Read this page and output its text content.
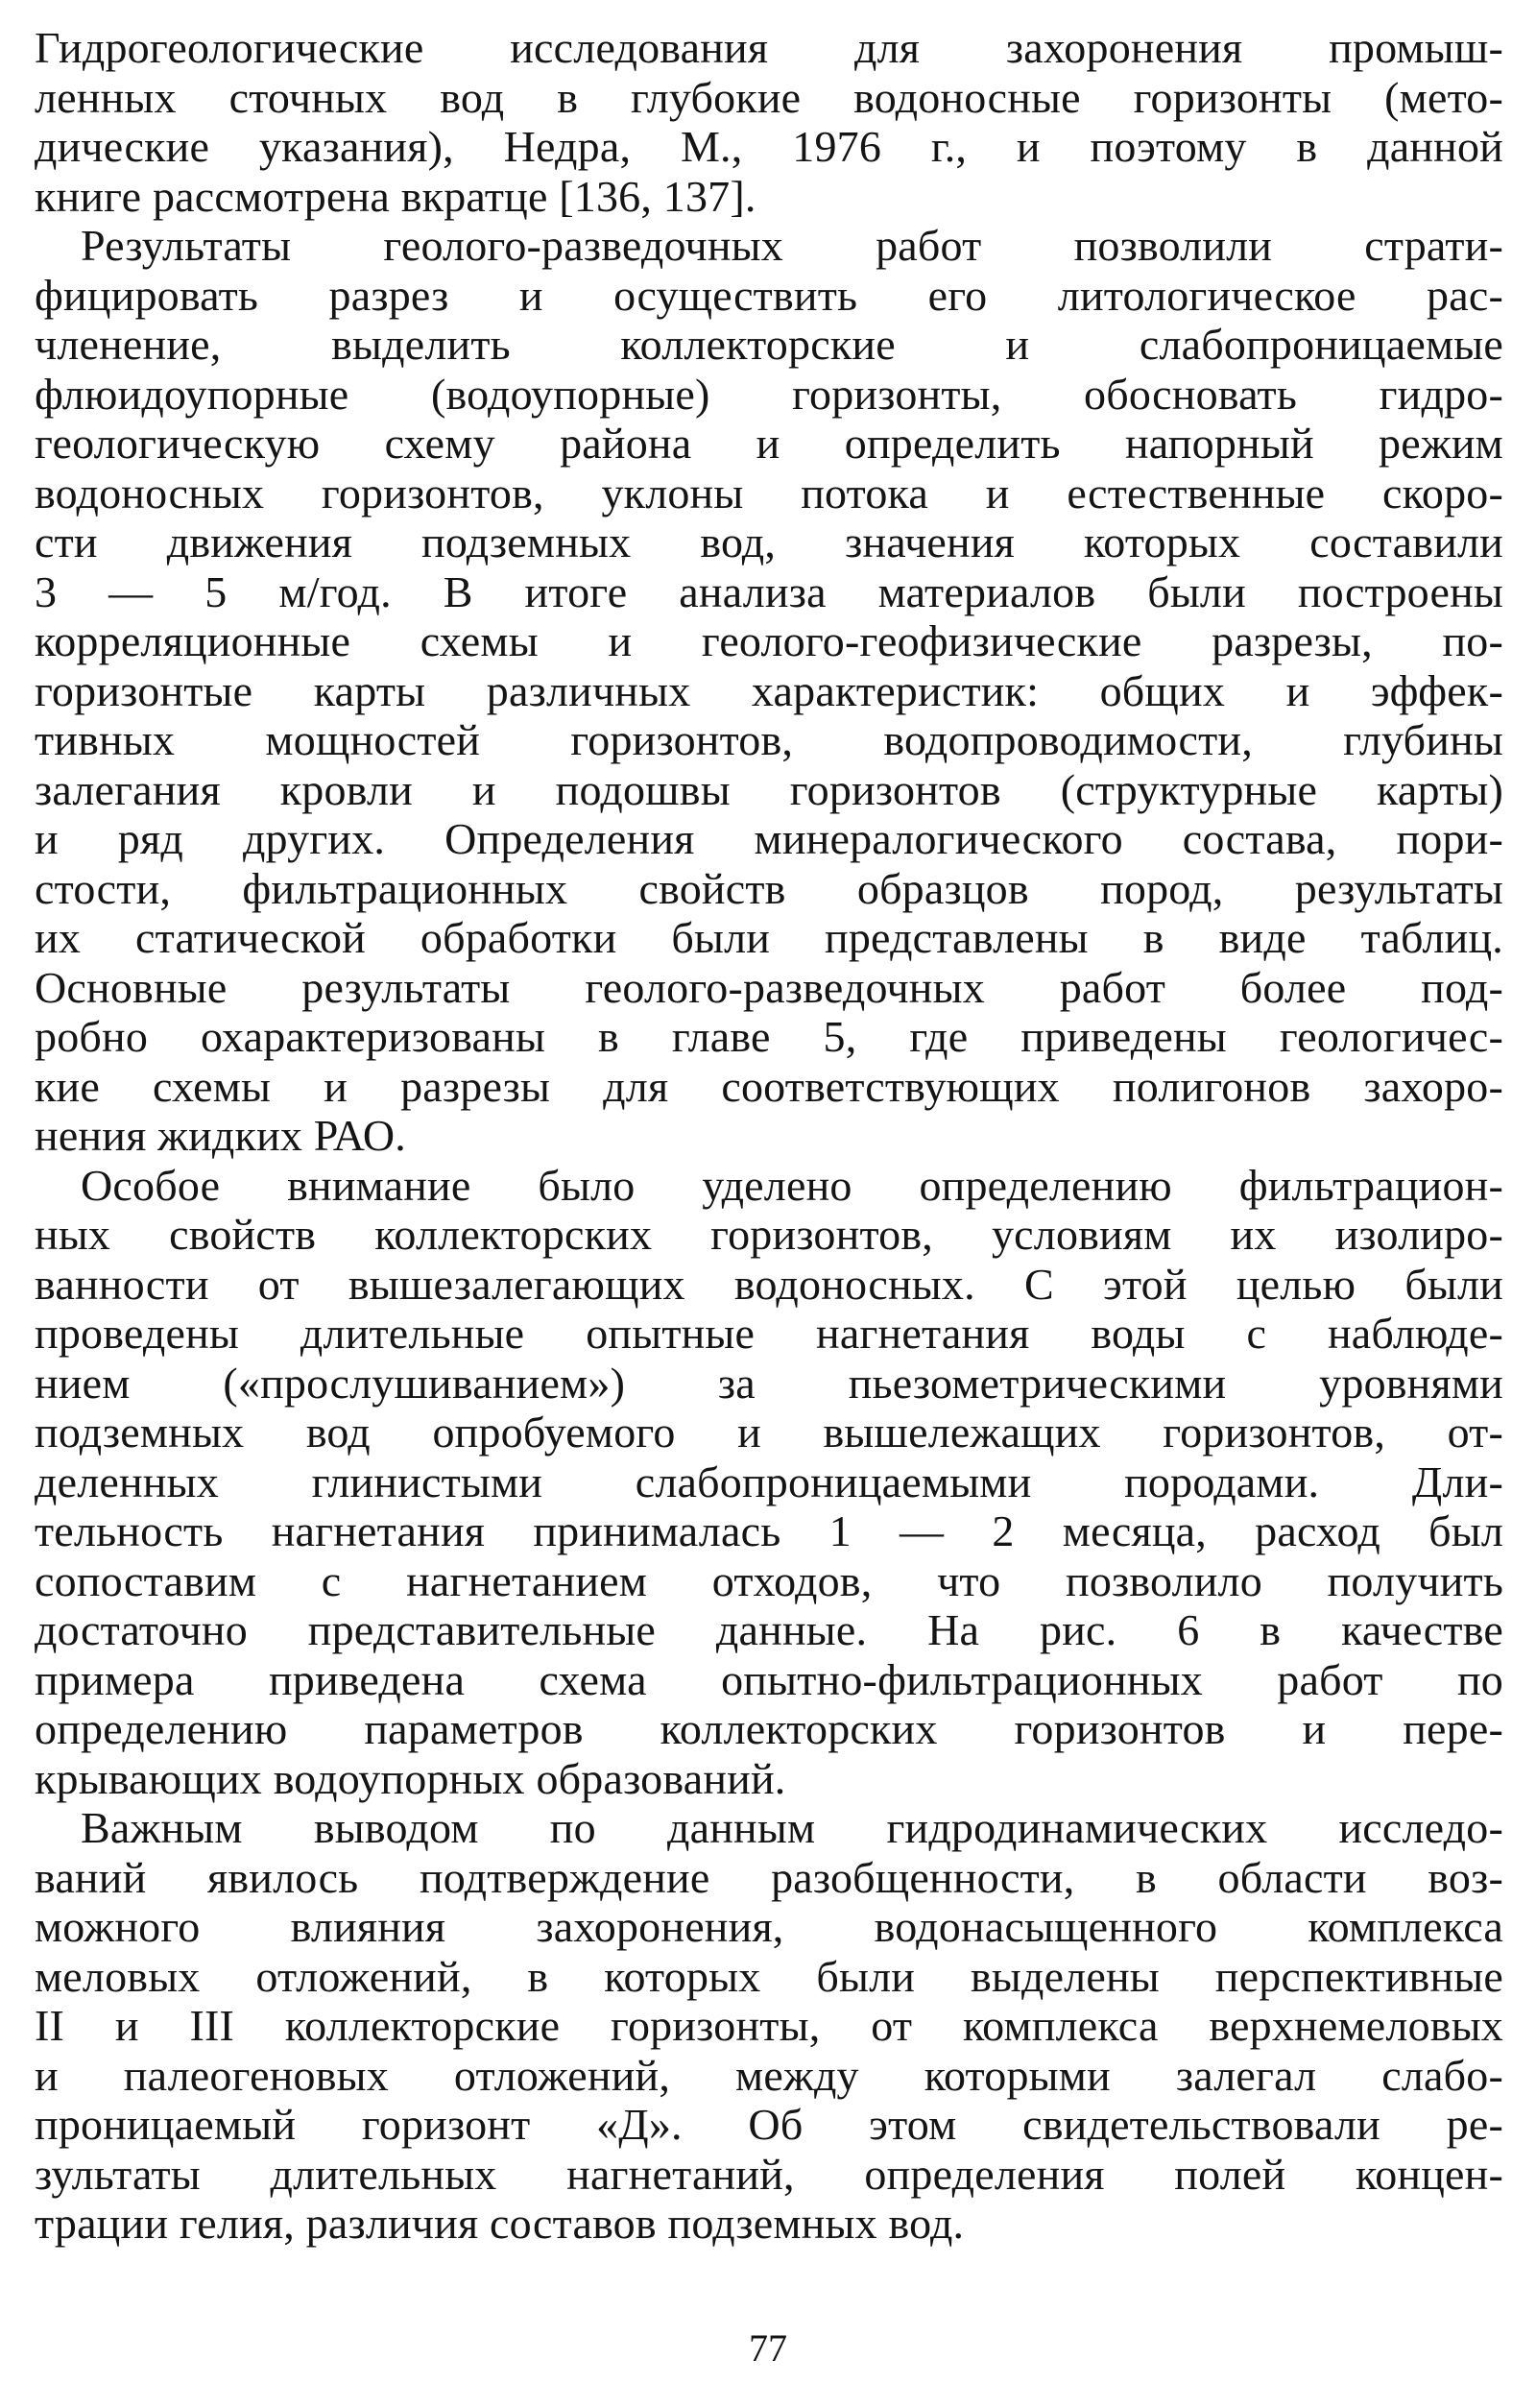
Гидрогеологические исследования для захоронения промыш-
ленных сточных вод в глубокие водоносные горизонты (мето-
дические указания), Недра, М., 1976 г., и поэтому в данной
книге рассмотрена вкратце [136, 137].
Результаты геолого-разведочных работ позволили страти-
фицировать разрез и осуществить его литологическое рас-
членение, выделить коллекторские и слабопроницаемые
флюидоупорные (водоупорные) горизонты, обосновать гидро-
геологическую схему района и определить напорный режим
водоносных горизонтов, уклоны потока и естественные скоро-
сти движения подземных вод, значения которых составили
3 — 5 м/год. В итоге анализа материалов были построены
корреляционные схемы и геолого-геофизические разрезы, по-
горизонтые карты различных характеристик: общих и эффек-
тивных мощностей горизонтов, водопроводимости, глубины
залегания кровли и подошвы горизонтов (структурные карты)
и ряд других. Определения минералогического состава, пори-
стости, фильтрационных свойств образцов пород, результаты
их статической обработки были представлены в виде таблиц.
Основные результаты геолого-разведочных работ более под-
робно охарактеризованы в главе 5, где приведены геологичес-
кие схемы и разрезы для соответствующих полигонов захоро-
нения жидких РАО.
Особое внимание было уделено определению фильтрацион-
ных свойств коллекторских горизонтов, условиям их изолиро-
ванности от вышезалегающих водоносных. С этой целью были
проведены длительные опытные нагнетания воды с наблюде-
нием («прослушиванием») за пьезометрическими уровнями
подземных вод опробуемого и вышележащих горизонтов, от-
деленных глинистыми слабопроницаемыми породами. Дли-
тельность нагнетания принималась 1 — 2 месяца, расход был
сопоставим с нагнетанием отходов, что позволило получить
достаточно представительные данные. На рис. 6 в качестве
примера приведена схема опытно-фильтрационных работ по
определению параметров коллекторских горизонтов и пере-
крывающих водоупорных образований.
Важным выводом по данным гидродинамических исследо-
ваний явилось подтверждение разобщенности, в области воз-
можного влияния захоронения, водонасыщенного комплекса
меловых отложений, в которых были выделены перспективные
II и III коллекторские горизонты, от комплекса верхнемеловых
и палеогеновых отложений, между которыми залегал слабо-
проницаемый горизонт «Д». Об этом свидетельствовали ре-
зультаты длительных нагнетаний, определения полей концен-
трации гелия, различия составов подземных вод.
77
